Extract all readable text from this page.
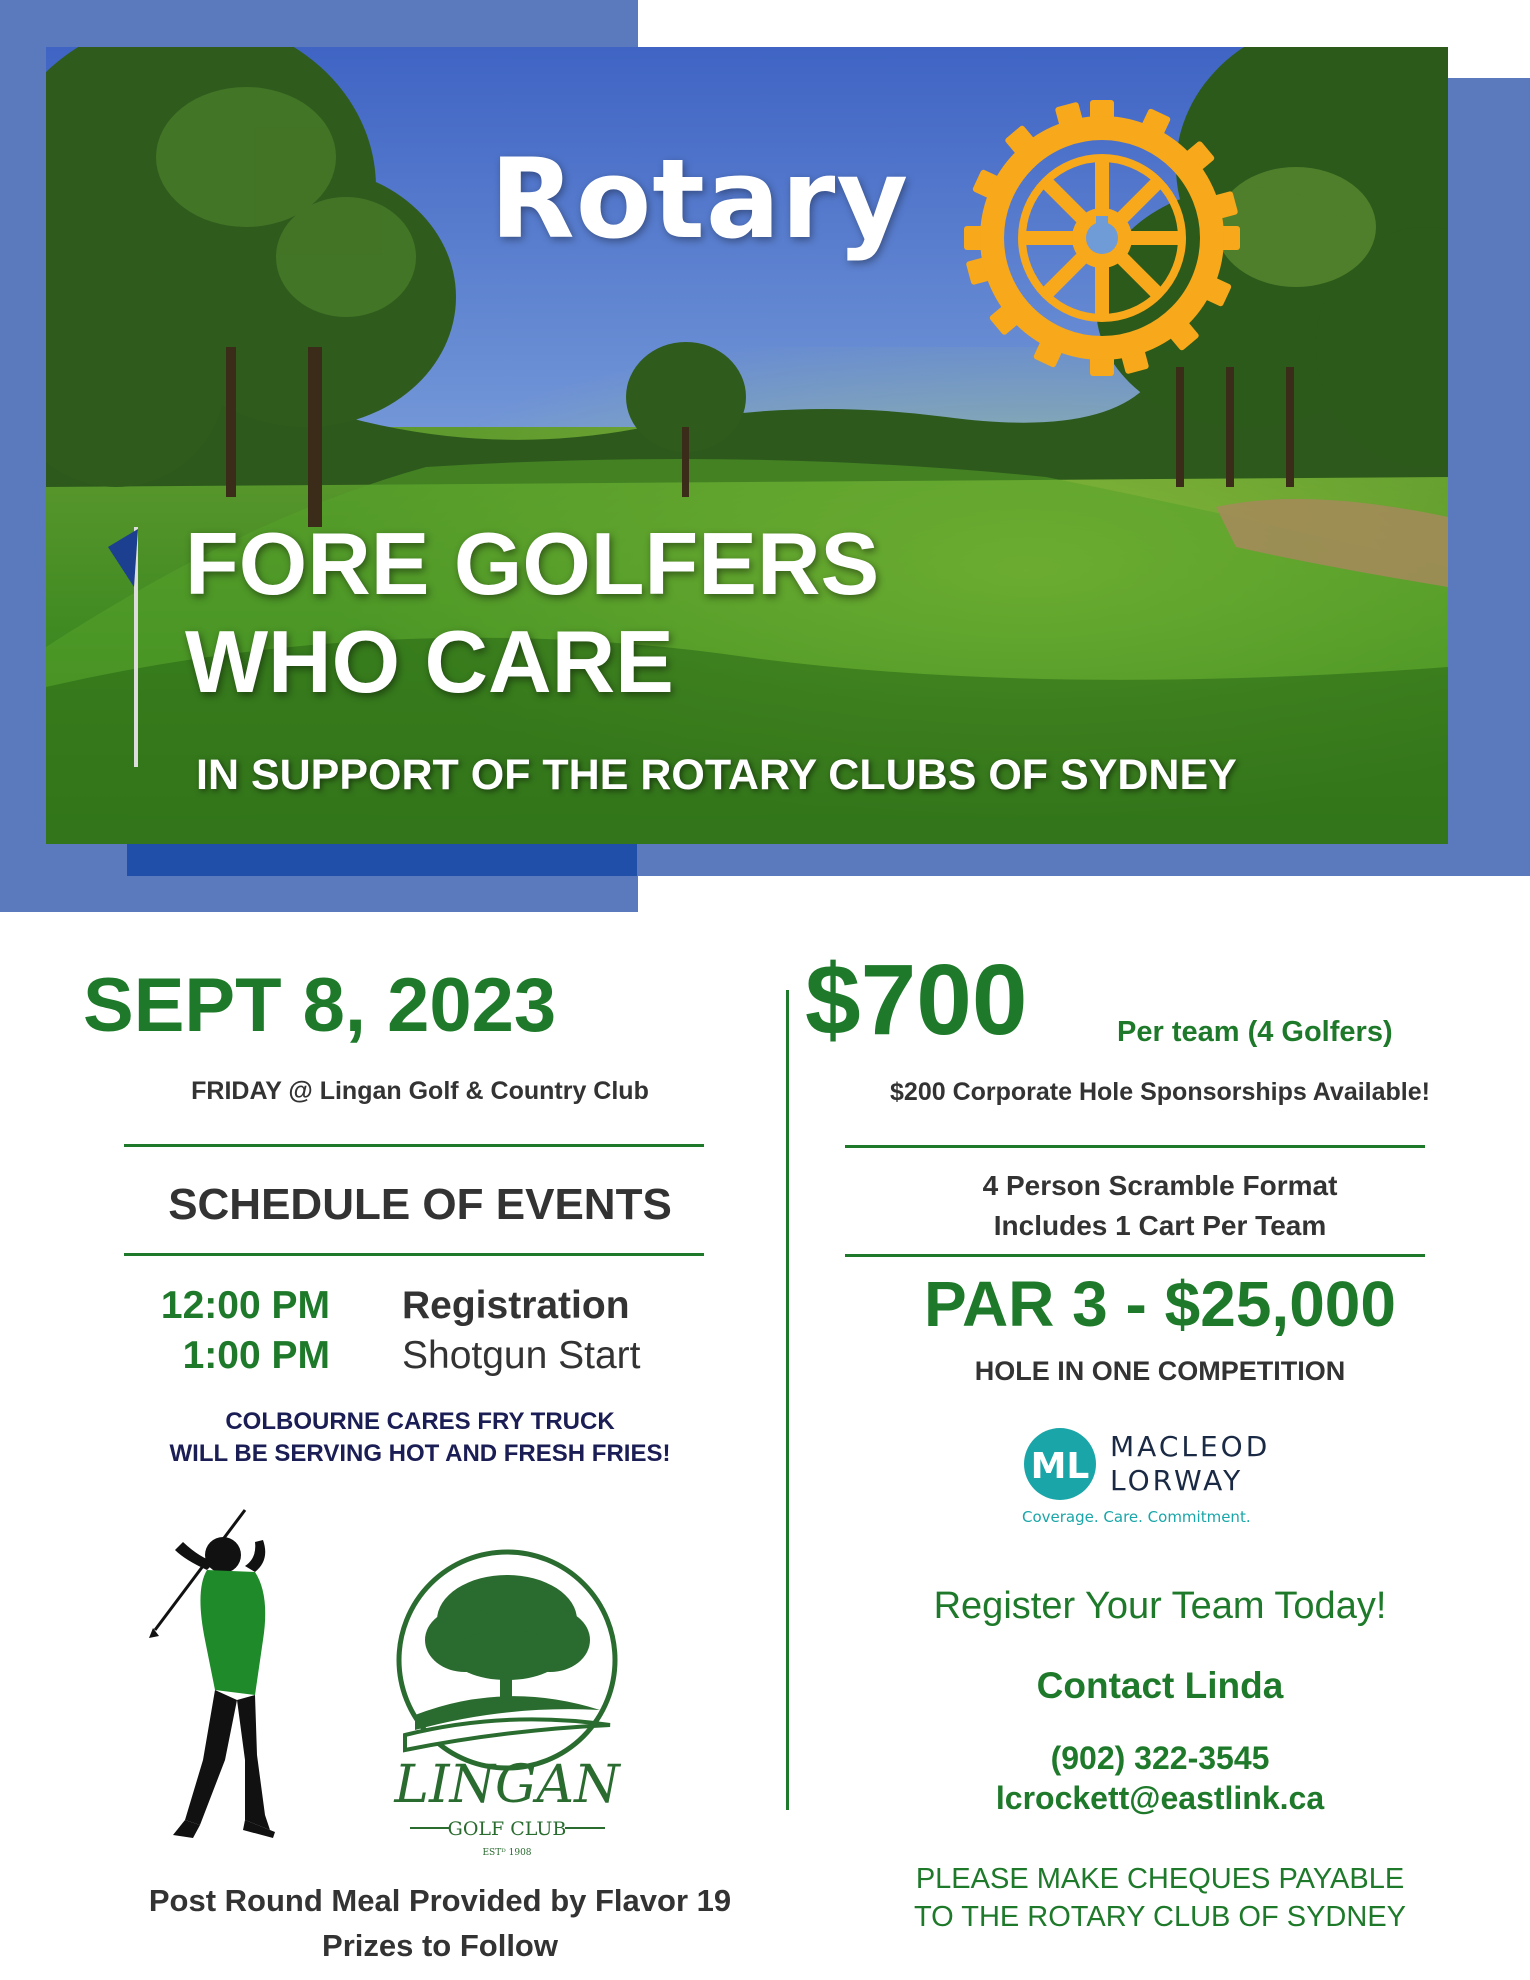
Rotary
FORE GOLFERS
WHO CARE
IN SUPPORT OF THE ROTARY CLUBS OF SYDNEY
SEPT 8, 2023
FRIDAY @ Lingan Golf & Country Club
SCHEDULE OF EVENTS
12:00 PM Registration
1:00 PM Shotgun Start
COLBOURNE CARES FRY TRUCK
WILL BE SERVING HOT AND FRESH FRIES!
LINGAN
GOLF CLUB
ESTᴰ 1908
Post Round Meal Provided by Flavor 19
Prizes to Follow
$700	Per team (4 Golfers)
$200 Corporate Hole Sponsorships Available!
4 Person Scramble Format
Includes 1 Cart Per Team
PAR 3 - $25,000
HOLE IN ONE COMPETITION
ML MACLEOD
LORWAY
Coverage. Care. Commitment.
Register Your Team Today!
Contact Linda
(902) 322-3545
lcrockett@eastlink.ca
PLEASE MAKE CHEQUES PAYABLE
TO THE ROTARY CLUB OF SYDNEY
